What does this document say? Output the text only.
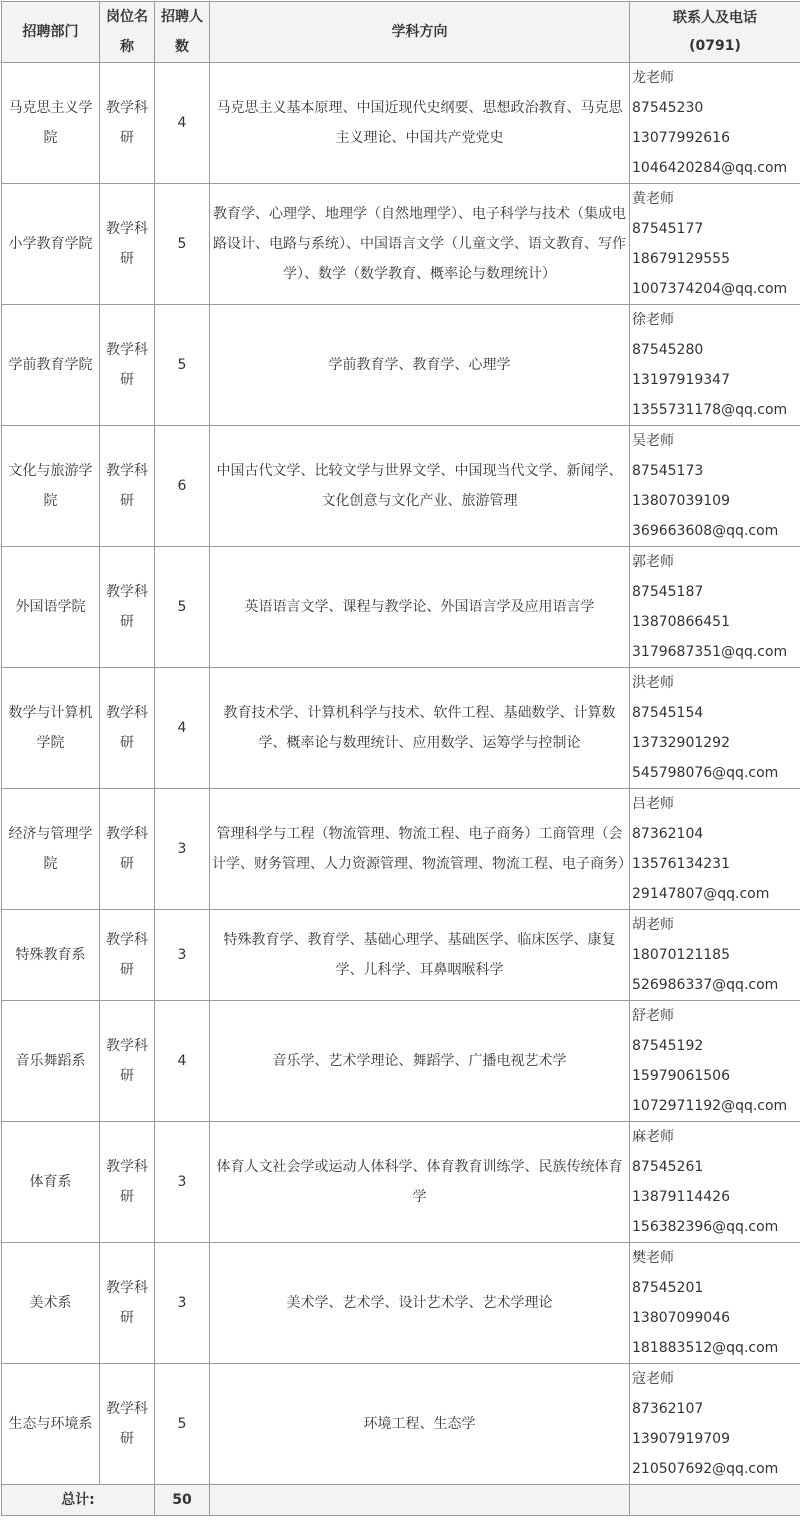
招聘部门	岗位名称	招聘人数	学科方向	联系人及电话
(0791)

马克思主义学院	教学科研	4	马克思主义基本原理、中国近现代史纲要、思想政治教育、马克思主义理论、中国共产党党史	龙老师
87545230
13077992616
1046420284@qq.com

小学教育学院	教学科研	5	教育学、心理学、地理学（自然地理学）、电子科学与技术（集成电路设计、电路与系统）、中国语言文学（儿童文学、语文教育、写作学）、数学（数学教育、概率论与数理统计）	黄老师
87545177
18679129555
1007374204@qq.com

学前教育学院	教学科研	5	学前教育学、教育学、心理学	徐老师
87545280
13197919347
1355731178@qq.com

文化与旅游学院	教学科研	6	中国古代文学、比较文学与世界文学、中国现当代文学、新闻学、文化创意与文化产业、旅游管理	吴老师
87545173
13807039109
369663608@qq.com

外国语学院	教学科研	5	英语语言文学、课程与教学论、外国语言学及应用语言学	郭老师
87545187
13870866451
3179687351@qq.com

数学与计算机学院	教学科研	4	教育技术学、计算机科学与技术、软件工程、基础数学、计算数学、概率论与数理统计、应用数学、运筹学与控制论	洪老师
87545154
13732901292
545798076@qq.com

经济与管理学院	教学科研	3	管理科学与工程（物流管理、物流工程、电子商务）工商管理（会计学、财务管理、人力资源管理、物流管理、物流工程、电子商务）	吕老师
87362104
13576134231
29147807@qq.com

特殊教育系	教学科研	3	特殊教育学、教育学、基础心理学、基础医学、临床医学、康复学、儿科学、耳鼻咽喉科学	胡老师
18070121185
526986337@qq.com

音乐舞蹈系	教学科研	4	音乐学、艺术学理论、舞蹈学、广播电视艺术学	舒老师
87545192
15979061506
1072971192@qq.com

体育系	教学科研	3	体育人文社会学或运动人体科学、体育教育训练学、民族传统体育学	麻老师
87545261
13879114426
156382396@qq.com

美术系	教学科研	3	美术学、艺术学、设计艺术学、艺术学理论	樊老师
87545201
13807099046
181883512@qq.com

生态与环境系	教学科研	5	环境工程、生态学	寇老师
87362107
13907919709
210507692@qq.com

总计:		50		
